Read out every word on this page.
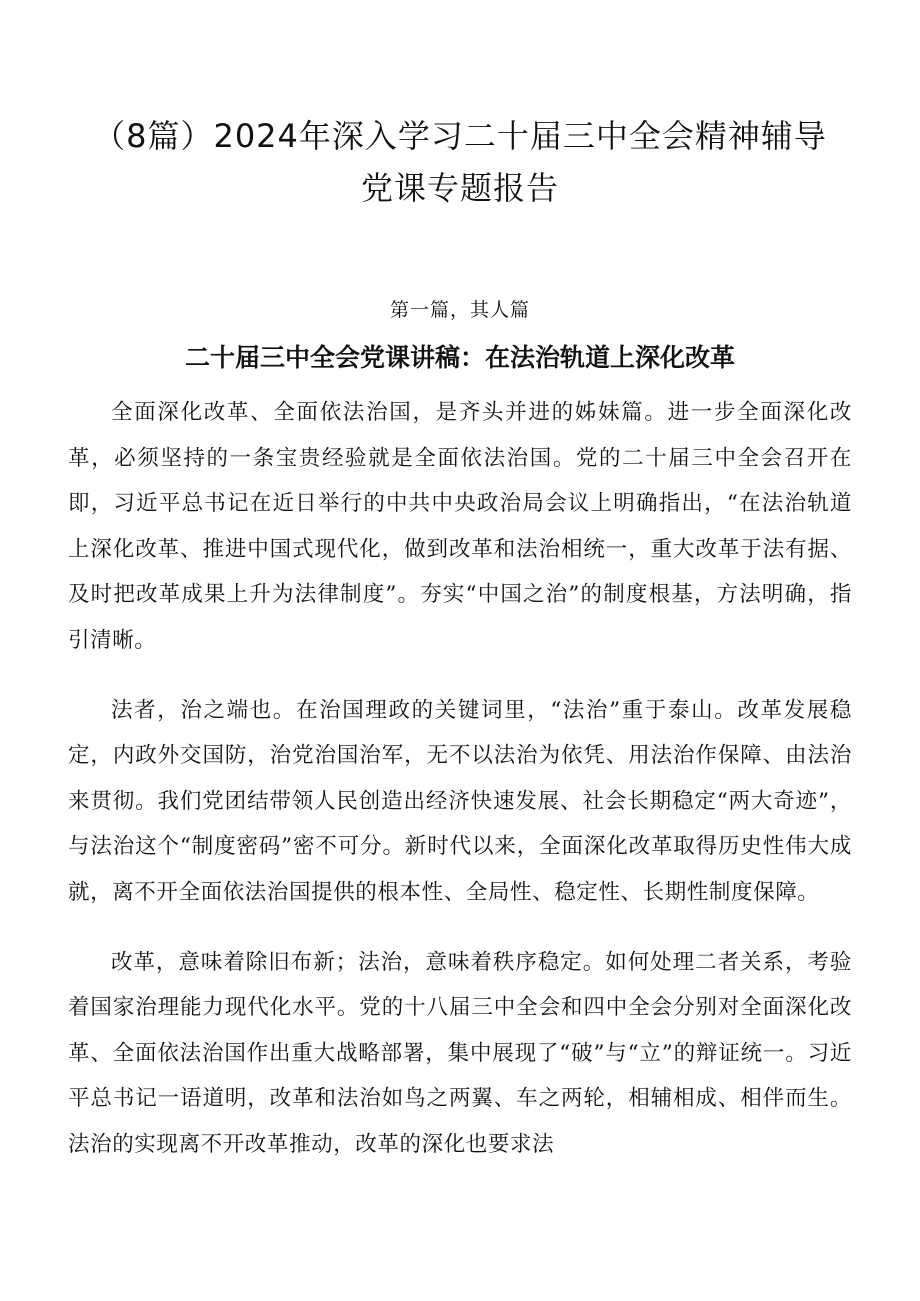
（8篇）2024年深入学习二十届三中全会精神辅导
党课专题报告
第一篇，其人篇
二十届三中全会党课讲稿：在法治轨道上深化改革

全面深化改革、全面依法治国，是齐头并进的姊妹篇。进一步全面深化改革，必须坚持的一条宝贵经验就是全面依法治国。党的二十届三中全会召开在即，习近平总书记在近日举行的中共中央政治局会议上明确指出，“在法治轨道上深化改革、推进中国式现代化，做到改革和法治相统一，重大改革于法有据、及时把改革成果上升为法律制度”。夯实“中国之治”的制度根基，方法明确，指引清晰。

法者，治之端也。在治国理政的关键词里，“法治”重于泰山。改革发展稳定，内政外交国防，治党治国治军，无不以法治为依凭、用法治作保障、由法治来贯彻。我们党团结带领人民创造出经济快速发展、社会长期稳定“两大奇迹”，与法治这个“制度密码”密不可分。新时代以来，全面深化改革取得历史性伟大成就，离不开全面依法治国提供的根本性、全局性、稳定性、长期性制度保障。

改革，意味着除旧布新；法治，意味着秩序稳定。如何处理二者关系，考验着国家治理能力现代化水平。党的十八届三中全会和四中全会分别对全面深化改革、全面依法治国作出重大战略部署，集中展现了“破”与“立”的辩证统一。习近平总书记一语道明，改革和法治如鸟之两翼、车之两轮，相辅相成、相伴而生。法治的实现离不开改革推动，改革的深化也要求法
